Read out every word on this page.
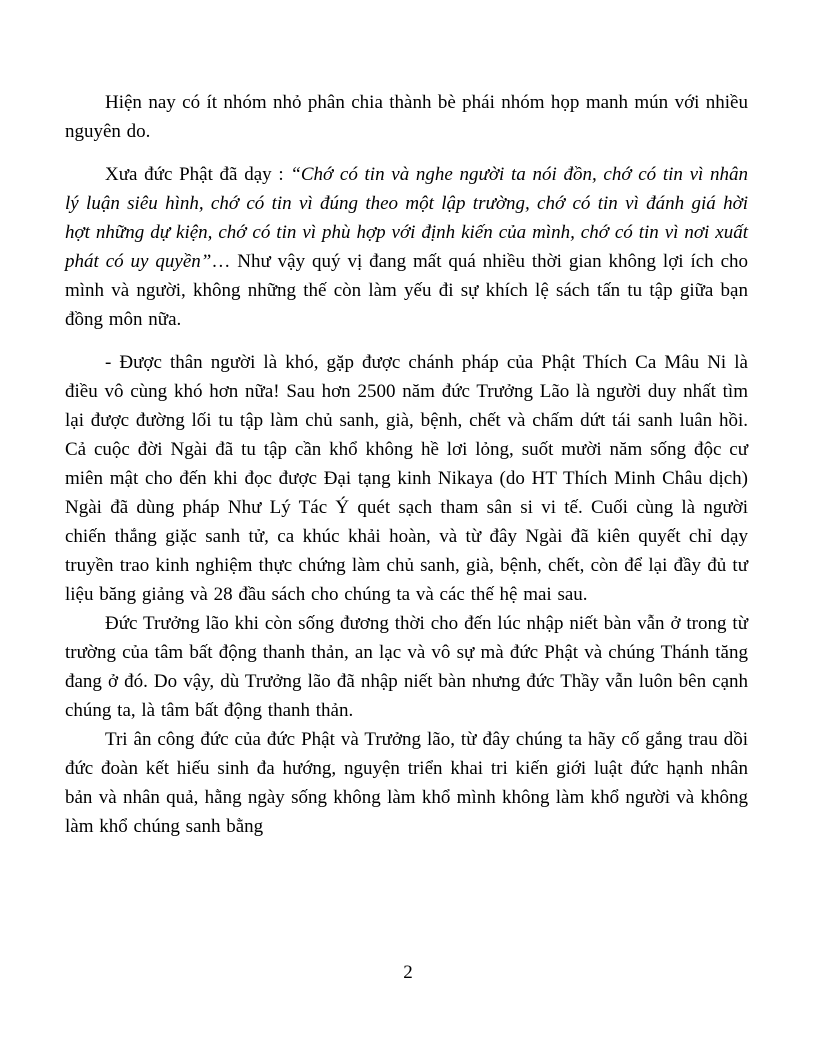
Hiện nay có ít nhóm nhỏ phân chia thành bè phái nhóm họp manh mún với nhiều nguyên do.

Xưa đức Phật đã dạy : “Chớ có tin và nghe người ta nói đồn, chớ có tin vì nhân lý luận siêu hình, chớ có tin vì đúng theo một lập trường, chớ có tin vì đánh giá hời hợt những dự kiện, chớ có tin vì phù hợp với định kiến của mình, chớ có tin vì nơi xuất phát có uy quyền”… Như vậy quý vị đang mất quá nhiều thời gian không lợi ích cho mình và người, không những thế còn làm yếu đi sự khích lệ sách tấn tu tập giữa bạn đồng môn nữa.

- Được thân người là khó, gặp được chánh pháp của Phật Thích Ca Mâu Ni là điều vô cùng khó hơn nữa! Sau hơn 2500 năm đức Trưởng Lão là người duy nhất tìm lại được đường lối tu tập làm chủ sanh, già, bệnh, chết và chấm dứt tái sanh luân hồi. Cả cuộc đời Ngài đã tu tập cần khổ không hề lơi lỏng, suốt mười năm sống độc cư miên mật cho đến khi đọc được Đại tạng kinh Nikaya (do HT Thích Minh Châu dịch) Ngài đã dùng pháp Như Lý Tác Ý quét sạch tham sân si vi tế. Cuối cùng là người chiến thắng giặc sanh tử, ca khúc khải hoàn, và từ đây Ngài đã kiên quyết chỉ dạy truyền trao kinh nghiệm thực chứng làm chủ sanh, già, bệnh, chết, còn để lại đầy đủ tư liệu băng giảng và 28 đầu sách cho chúng ta và các thế hệ mai sau.

Đức Trưởng lão khi còn sống đương thời cho đến lúc nhập niết bàn vẫn ở trong từ trường của tâm bất động thanh thản, an lạc và vô sự mà đức Phật và chúng Thánh tăng đang ở đó. Do vậy, dù Trưởng lão đã nhập niết bàn nhưng đức Thầy vẫn luôn bên cạnh chúng ta, là tâm bất động thanh thản.

Tri ân công đức của đức Phật và Trưởng lão, từ đây chúng ta hãy cố gắng trau dồi đức đoàn kết hiếu sinh đa hướng, nguyện triển khai tri kiến giới luật đức hạnh nhân bản và nhân quả, hằng ngày sống không làm khổ mình không làm khổ người và không làm khổ chúng sanh bằng

2
